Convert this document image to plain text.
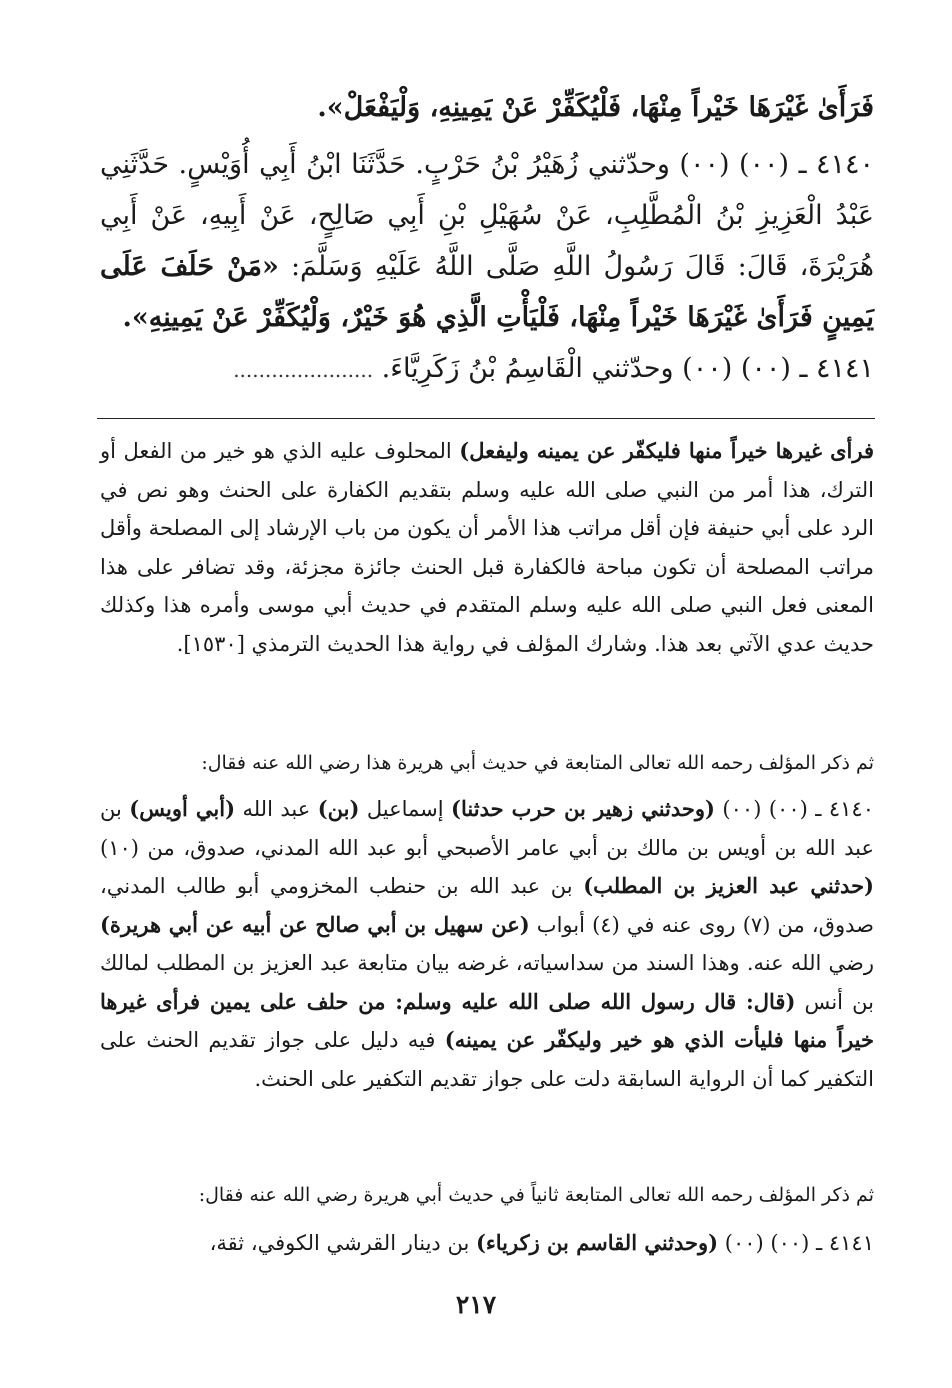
فَرَأَىٰ غَيْرَهَا خَيْراً مِنْهَا، فَلْيُكَفِّرْ عَنْ يَمِينِهِ، وَلْيَفْعَلْ».

٤١٤٠ ـ (٠٠) (٠٠) وحدّثني زُهَيْرُ بْنُ حَرْبٍ. حَدَّثَنَا ابْنُ أَبِي أُوَيْسٍ. حَدَّثَنِي عَبْدُ الْعَزِيزِ بْنُ الْمُطَّلِبِ، عَنْ سُهَيْلِ بْنِ أَبِي صَالِحٍ، عَنْ أَبِيهِ، عَنْ أَبِي هُرَيْرَةَ، قَالَ: قَالَ رَسُولُ اللَّهِ صَلَّى اللَّهُ عَلَيْهِ وَسَلَّمَ: «مَنْ حَلَفَ عَلَى يَمِينٍ فَرَأَىٰ غَيْرَهَا خَيْراً مِنْهَا، فَلْيَأْتِ الَّذِي هُوَ خَيْرٌ، وَلْيُكَفِّرْ عَنْ يَمِينِهِ».

٤١٤١ ـ (٠٠) (٠٠) وحدّثني الْقَاسِمُ بْنُ زَكَرِيَّاءَ. ......................

فرأى غيرها خيراً منها فليكفّر عن يمينه وليفعل) المحلوف عليه الذي هو خير من الفعل أو الترك، هذا أمر من النبي صلى الله عليه وسلم بتقديم الكفارة على الحنث وهو نص في الرد على أبي حنيفة فإن أقل مراتب هذا الأمر أن يكون من باب الإرشاد إلى المصلحة وأقل مراتب المصلحة أن تكون مباحة فالكفارة قبل الحنث جائزة مجزئة، وقد تضافر على هذا المعنى فعل النبي صلى الله عليه وسلم المتقدم في حديث أبي موسى وأمره هذا وكذلك حديث عدي الآتي بعد هذا. وشارك المؤلف في رواية هذا الحديث الترمذي [١٥٣٠].

ثم ذكر المؤلف رحمه الله تعالى المتابعة في حديث أبي هريرة هذا رضي الله عنه فقال:

٤١٤٠ ـ (٠٠) (٠٠) (وحدثني زهير بن حرب حدثنا) إسماعيل (بن) عبد الله (أبي أويس) بن عبد الله بن أويس بن مالك بن أبي عامر الأصبحي أبو عبد الله المدني، صدوق، من (١٠) (حدثني عبد العزيز بن المطلب) بن عبد الله بن حنطب المخزومي أبو طالب المدني، صدوق، من (٧) روى عنه في (٤) أبواب (عن سهيل بن أبي صالح عن أبيه عن أبي هريرة) رضي الله عنه. وهذا السند من سداسياته، غرضه بيان متابعة عبد العزيز بن المطلب لمالك بن أنس (قال: قال رسول الله صلى الله عليه وسلم: من حلف على يمين فرأى غيرها خيراً منها فليأت الذي هو خير وليكفّر عن يمينه) فيه دليل على جواز تقديم الحنث على التكفير كما أن الرواية السابقة دلت على جواز تقديم التكفير على الحنث.

ثم ذكر المؤلف رحمه الله تعالى المتابعة ثانياً في حديث أبي هريرة رضي الله عنه فقال:

٤١٤١ ـ (٠٠) (٠٠) (وحدثني القاسم بن زكرياء) بن دينار القرشي الكوفي، ثقة،

٢١٧
